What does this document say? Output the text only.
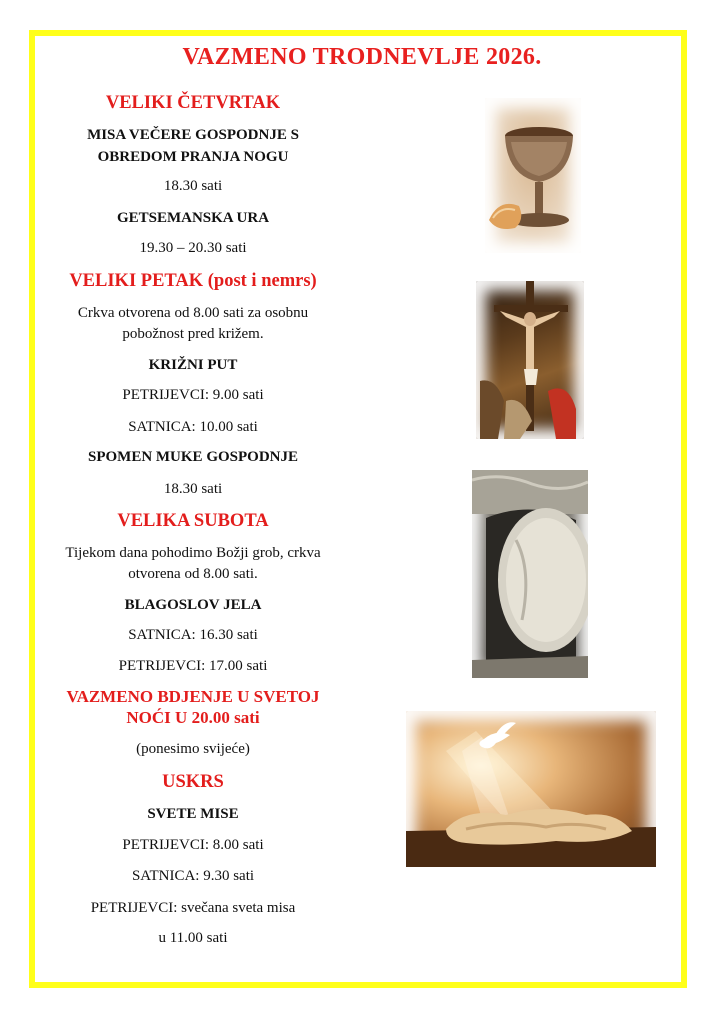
VAZMENO TRODNEVLJE 2026.
VELIKI ČETVRTAK
MISA VEČERE GOSPODNJE S
OBREDOM PRANJA NOGU
18.30 sati
GETSEMANSKA URA
19.30 – 20.30 sati
VELIKI PETAK (post i nemrs)
Crkva otvorena od 8.00 sati za osobnu
pobožnost pred križem.
KRIŽNI PUT
PETRIJEVCI: 9.00 sati
SATNICA: 10.00 sati
SPOMEN MUKE GOSPODNJE
18.30 sati
VELIKA SUBOTA
Tijekom dana pohodimo Božji grob, crkva
otvorena od 8.00 sati.
BLAGOSLOV JELA
SATNICA: 16.30 sati
PETRIJEVCI: 17.00 sati
VAZMENO BDJENJE U SVETOJ
NOĆI U 20.00 sati
(ponesimo svijeće)
USKRS
SVETE MISE
PETRIJEVCI: 8.00 sati
SATNICA: 9.30 sati
PETRIJEVCI: svečana sveta misa
u 11.00 sati
